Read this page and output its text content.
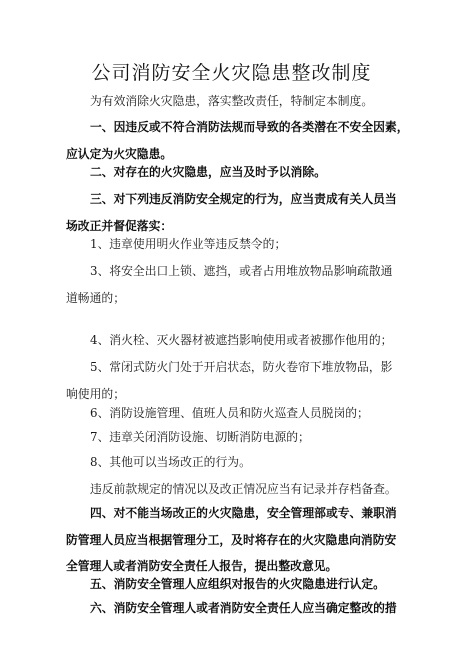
公司消防安全火灾隐患整改制度
为有效消除火灾隐患，落实整改责任，特制定本制度。
一、因违反或不符合消防法规而导致的各类潜在不安全因素，
应认定为火灾隐患。
二、对存在的火灾隐患，应当及时予以消除。
三、对下列违反消防安全规定的行为，应当责成有关人员当
场改正并督促落实：
1、违章使用明火作业等违反禁令的；
3、将安全出口上锁、遮挡，或者占用堆放物品影响疏散通
道畅通的；
4、消火栓、灭火器材被遮挡影响使用或者被挪作他用的；
5、常闭式防火门处于开启状态，防火卷帘下堆放物品，影
响使用的；
6、消防设施管理、值班人员和防火巡查人员脱岗的；
7、违章关闭消防设施、切断消防电源的；
8、其他可以当场改正的行为。
违反前款规定的情况以及改正情况应当有记录并存档备查。
四、对不能当场改正的火灾隐患，安全管理部或专、兼职消
防管理人员应当根据管理分工，及时将存在的火灾隐患向消防安
全管理人或者消防安全责任人报告，提出整改意见。
五、消防安全管理人应组织对报告的火灾隐患进行认定。
六、消防安全管理人或者消防安全责任人应当确定整改的措
